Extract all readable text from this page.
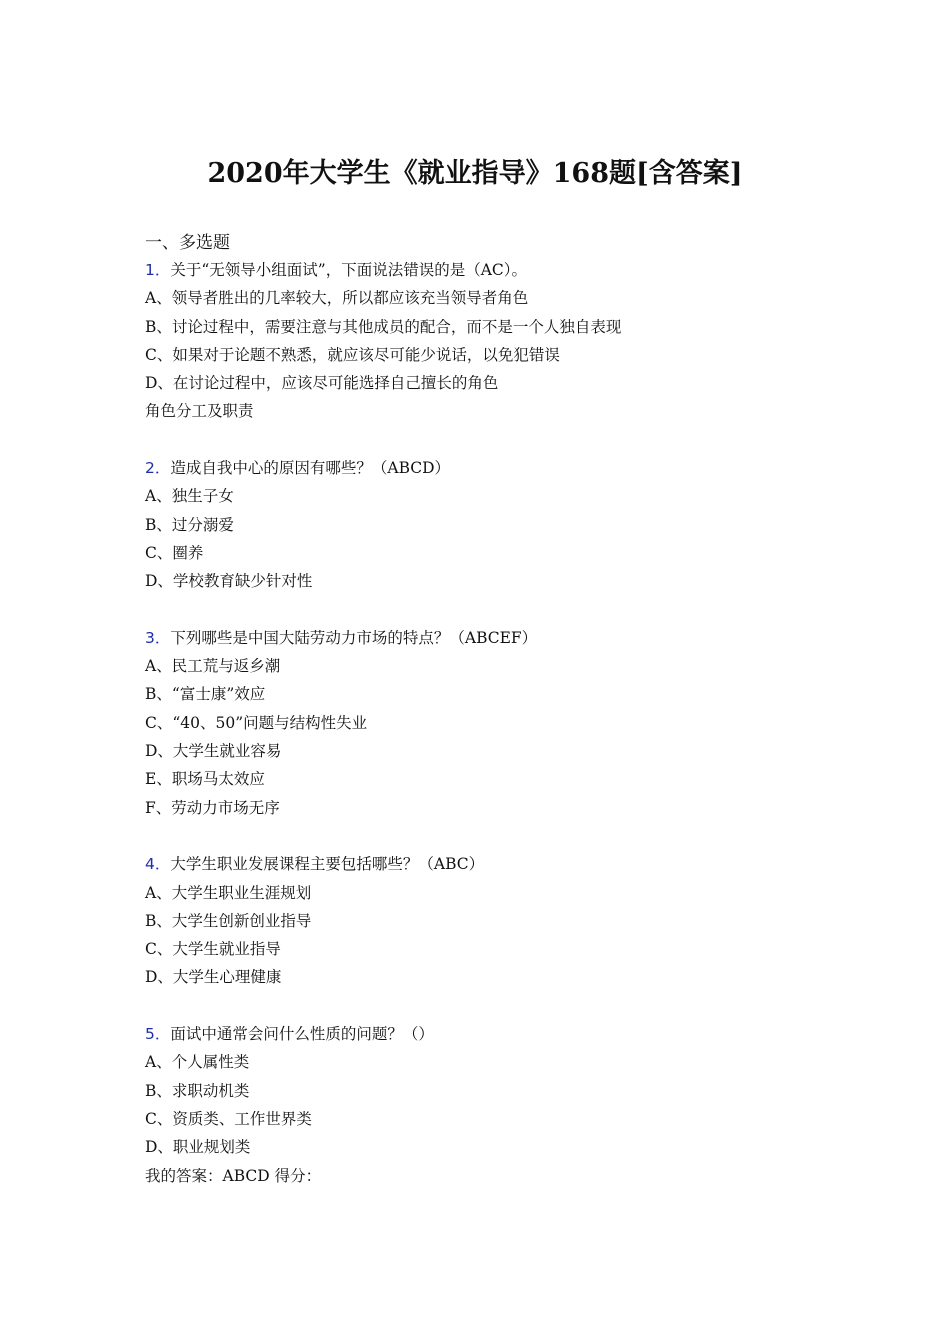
2020年大学生《就业指导》168题[含答案]
一、多选题
1．关于“无领导小组面试”，下面说法错误的是（AC）。
A、领导者胜出的几率较大，所以都应该充当领导者角色
B、讨论过程中，需要注意与其他成员的配合，而不是一个人独自表现
C、如果对于论题不熟悉，就应该尽可能少说话，以免犯错误
D、在讨论过程中，应该尽可能选择自己擅长的角色
角色分工及职责
2．造成自我中心的原因有哪些？（ABCD）
A、独生子女
B、过分溺爱
C、圈养
D、学校教育缺少针对性
3．下列哪些是中国大陆劳动力市场的特点？（ABCEF）
A、民工荒与返乡潮
B、“富士康”效应
C、“40、50”问题与结构性失业
D、大学生就业容易
E、职场马太效应
F、劳动力市场无序
4．大学生职业发展课程主要包括哪些？（ABC）
A、大学生职业生涯规划
B、大学生创新创业指导
C、大学生就业指导
D、大学生心理健康
5．面试中通常会问什么性质的问题？（）
A、个人属性类
B、求职动机类
C、资质类、工作世界类
D、职业规划类
我的答案：ABCD 得分：
